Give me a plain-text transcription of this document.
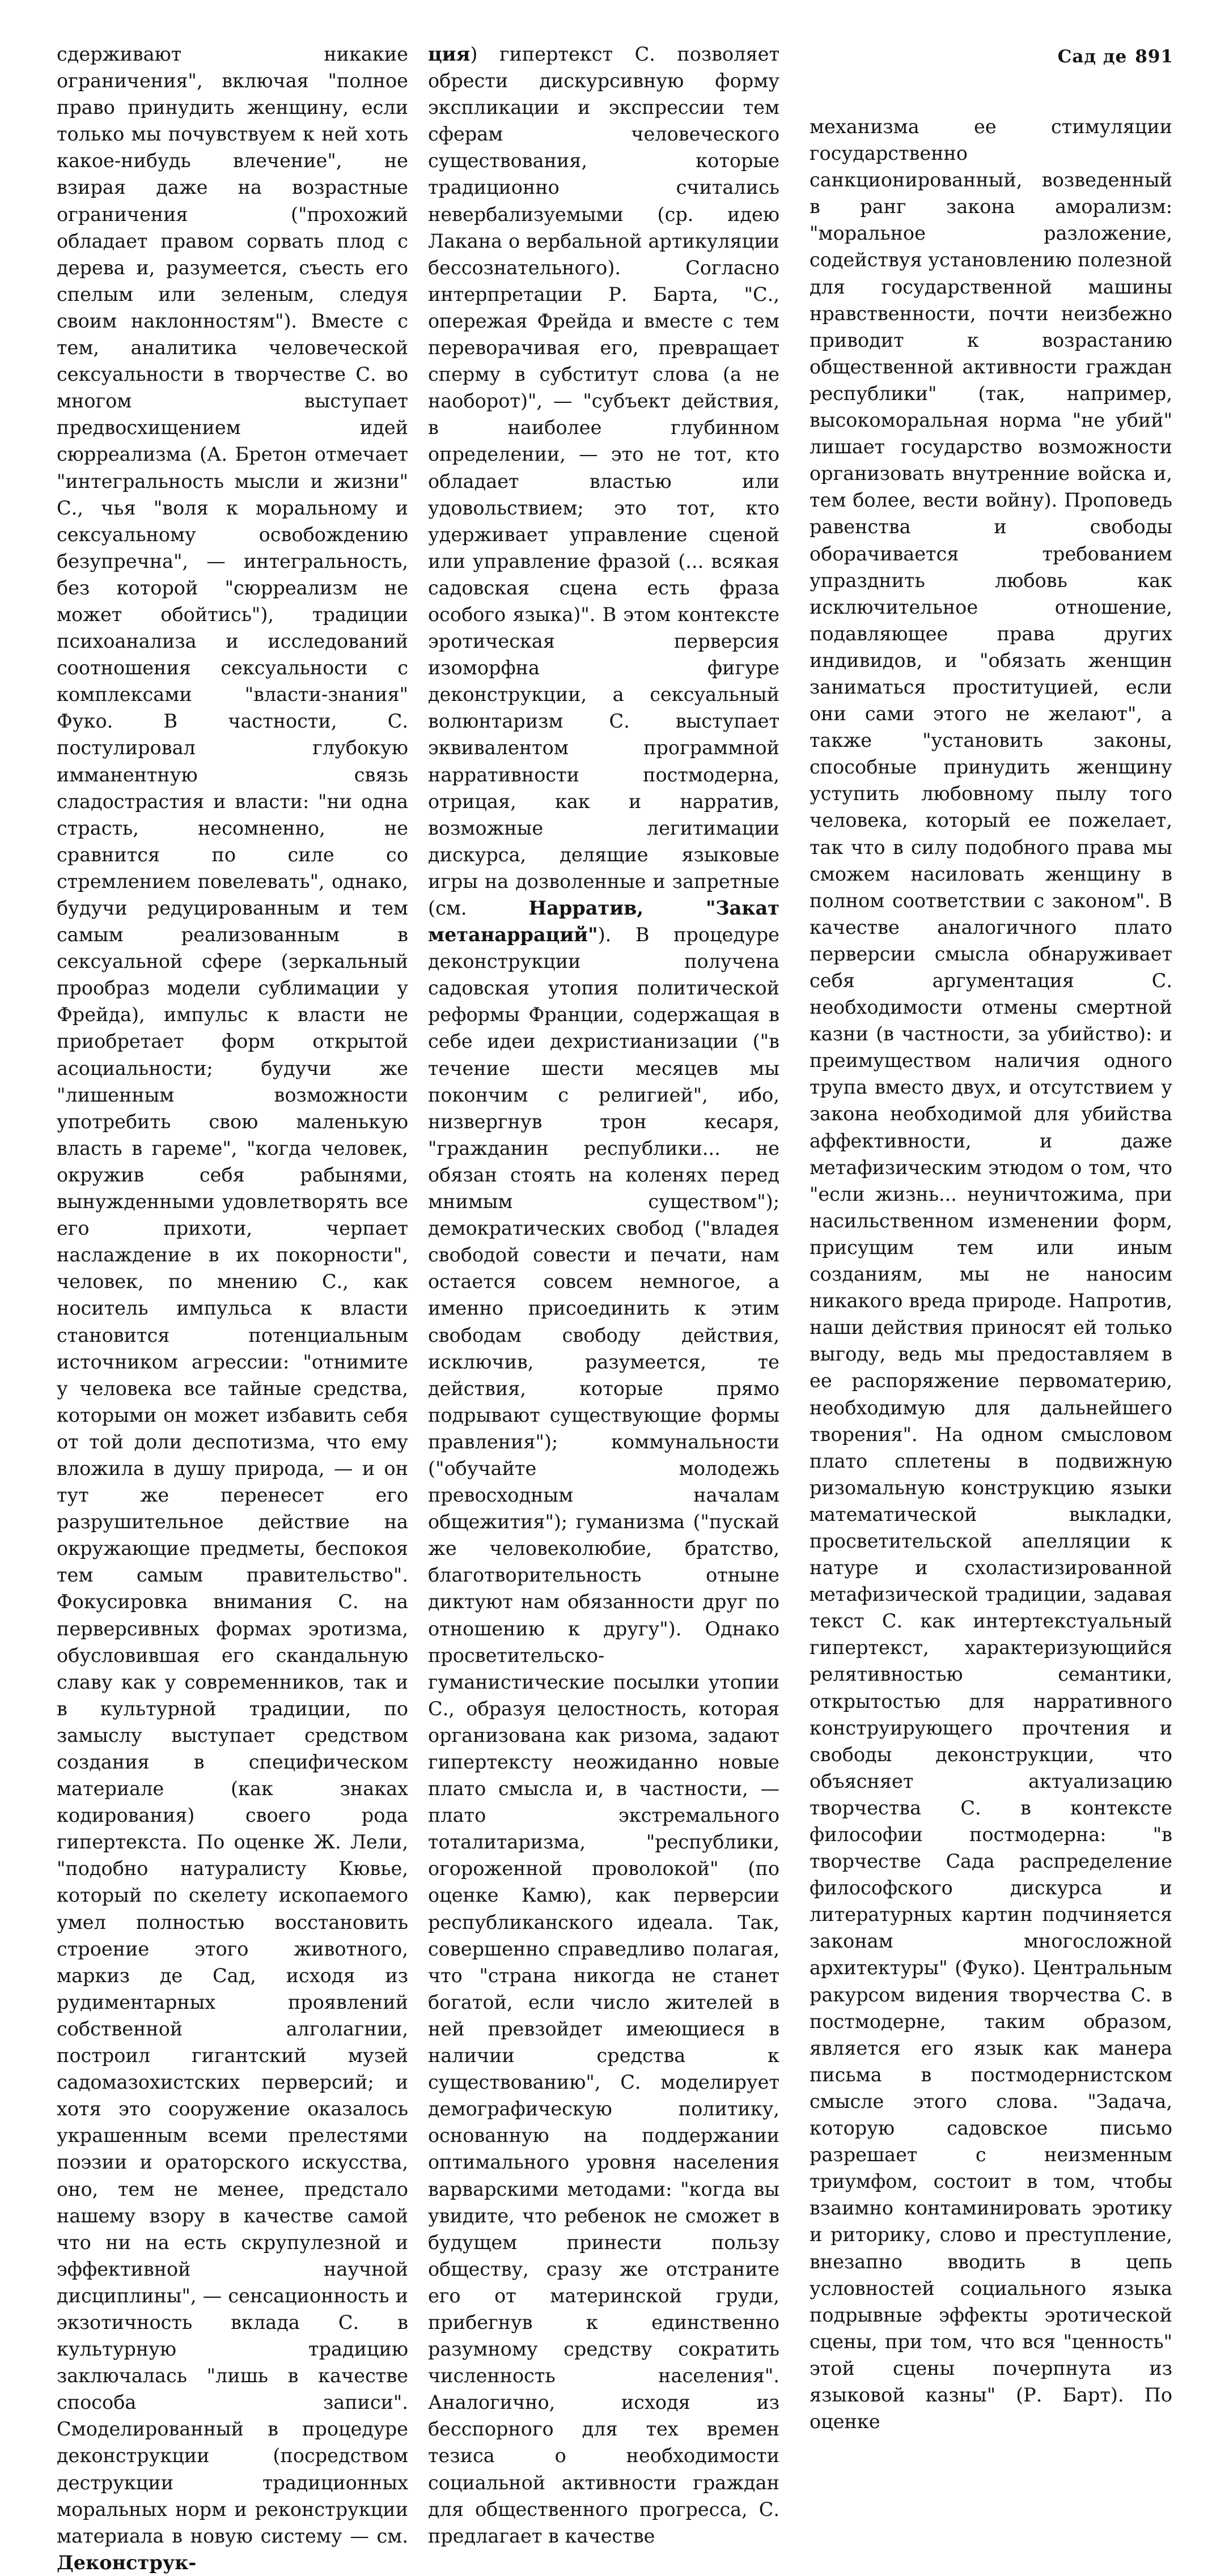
Сад де 891

сдерживают никакие ограничения", включая "полное право принудить женщину, если только мы почувствуем к ней хоть какое-нибудь влечение", не взирая даже на возрастные ограничения ("прохожий обладает правом сорвать плод с дерева и, разумеется, съесть его спелым или зеленым, следуя своим наклонностям"). Вместе с тем, аналитика человеческой сексуальности в творчестве С. во многом выступает предвосхищением идей сюрреализма (А. Бретон отмечает "интегральность мысли и жизни" С., чья "воля к моральному и сексуальному освобождению безупречна", — интегральность, без которой "сюрреализм не может обойтись"), традиции психоанализа и исследований соотношения сексуальности с комплексами "власти-знания" Фуко. В частности, С. постулировал глубокую имманентную связь сладострастия и власти: "ни одна страсть, несомненно, не сравнится по силе со стремлением повелевать", однако, будучи редуцированным и тем самым реализованным в сексуальной сфере (зеркальный прообраз модели сублимации у Фрейда), импульс к власти не приобретает форм открытой асоциальности; будучи же "лишенным возможности употребить свою маленькую власть в гареме", "когда человек, окружив себя рабынями, вынужденными удовлетворять все его прихоти, черпает наслаждение в их покорности", человек, по мнению С., как носитель импульса к власти становится потенциальным источником агрессии: "отнимите у человека все тайные средства, которыми он может избавить себя от той доли деспотизма, что ему вложила в душу природа, — и он тут же перенесет его разрушительное действие на окружающие предметы, беспокоя тем самым правительство". Фокусировка внимания С. на перверсивных формах эротизма, обусловившая его скандальную славу как у современников, так и в культурной традиции, по замыслу выступает средством создания в специфическом материале (как знаках кодирования) своего рода гипертекста. По оценке Ж. Лели, "подобно натуралисту Кювье, который по скелету ископаемого умел полностью восстановить строение этого животного, маркиз де Сад, исходя из рудиментарных проявлений собственной алголагнии, построил гигантский музей садомазохистских перверсий; и хотя это сооружение оказалось украшенным всеми прелестями поэзии и ораторского искусства, оно, тем не менее, предстало нашему взору в качестве самой что ни на есть скрупулезной и эффективной научной дисциплины", — сенсационность и экзотичность вклада С. в культурную традицию заключалась "лишь в качестве способа записи". Смоделированный в процедуре деконструкции (посредством деструкции традиционных моральных норм и реконструкции материала в новую систему — см. Деконструк-

ция) гипертекст С. позволяет обрести дискурсивную форму экспликации и экспрессии тем сферам человеческого существования, которые традиционно считались невербализуемыми (ср. идею Лакана о вербальной артикуляции бессознательного). Согласно интерпретации Р. Барта, "С., опережая Фрейда и вместе с тем переворачивая его, превращает сперму в субститут слова (а не наоборот)", — "субъект действия, в наиболее глубинном определении, — это не тот, кто обладает властью или удовольствием; это тот, кто удерживает управление сценой или управление фразой (... всякая садовская сцена есть фраза особого языка)". В этом контексте эротическая перверсия изоморфна фигуре деконструкции, а сексуальный волюнтаризм С. выступает эквивалентом программной нарративности постмодерна, отрицая, как и нарратив, возможные легитимации дискурса, делящие языковые игры на дозволенные и запретные (см. Нарратив, "Закат метанарраций"). В процедуре деконструкции получена садовская утопия политической реформы Франции, содержащая в себе идеи дехристианизации ("в течение шести месяцев мы покончим с религией", ибо, низвергнув трон кесаря, "гражданин республики... не обязан стоять на коленях перед мнимым существом"); демократических свобод ("владея свободой совести и печати, нам остается совсем немногое, а именно присоединить к этим свободам свободу действия, исключив, разумеется, те действия, которые прямо подрывают существующие формы правления"); коммунальности ("обучайте молодежь превосходным началам общежития"); гуманизма ("пускай же человеколюбие, братство, благотворительность отныне диктуют нам обязанности друг по отношению к другу"). Однако просветительско-гуманистические посылки утопии С., образуя целостность, которая организована как ризома, задают гипертексту неожиданно новые плато смысла и, в частности, — плато экстремального тоталитаризма, "республики, огороженной проволокой" (по оценке Камю), как перверсии республиканского идеала. Так, совершенно справедливо полагая, что "страна никогда не станет богатой, если число жителей в ней превзойдет имеющиеся в наличии средства к существованию", С. моделирует демографическую политику, основанную на поддержании оптимального уровня населения варварскими методами: "когда вы увидите, что ребенок не сможет в будущем принести пользу обществу, сразу же отстраните его от материнской груди, прибегнув к единственно разумному средству сократить численность населения". Аналогично, исходя из бесспорного для тех времен тезиса о необходимости социальной активности граждан для общественного прогресса, С. предлагает в качестве

механизма ее стимуляции государственно санкционированный, возведенный в ранг закона аморализм: "моральное разложение, содействуя установлению полезной для государственной машины нравственности, почти неизбежно приводит к возрастанию общественной активности граждан республики" (так, например, высокоморальная норма "не убий" лишает государство возможности организовать внутренние войска и, тем более, вести войну). Проповедь равенства и свободы оборачивается требованием упразднить любовь как исключительное отношение, подавляющее права других индивидов, и "обязать женщин заниматься проституцией, если они сами этого не желают", а также "установить законы, способные принудить женщину уступить любовному пылу того человека, который ее пожелает, так что в силу подобного права мы сможем насиловать женщину в полном соответствии с законом". В качестве аналогичного плато перверсии смысла обнаруживает себя аргументация С. необходимости отмены смертной казни (в частности, за убийство): и преимуществом наличия одного трупа вместо двух, и отсутствием у закона необходимой для убийства аффективности, и даже метафизическим этюдом о том, что "если жизнь... неуничтожима, при насильственном изменении форм, присущим тем или иным созданиям, мы не наносим никакого вреда природе. Напротив, наши действия приносят ей только выгоду, ведь мы предоставляем в ее распоряжение первоматерию, необходимую для дальнейшего творения". На одном смысловом плато сплетены в подвижную ризомальную конструкцию языки математической выкладки, просветительской апелляции к натуре и схоластизированной метафизической традиции, задавая текст С. как интертекстуальный гипертекст, характеризующийся релятивностью семантики, открытостью для нарративного конструирующего прочтения и свободы деконструкции, что объясняет актуализацию творчества С. в контексте философии постмодерна: "в творчестве Сада распределение философского дискурса и литературных картин подчиняется законам многосложной архитектуры" (Фуко). Центральным ракурсом видения творчества С. в постмодерне, таким образом, является его язык как манера письма в постмодернистском смысле этого слова. "Задача, которую садовское письмо разрешает с неизменным триумфом, состоит в том, чтобы взаимно контаминировать эротику и риторику, слово и преступление, внезапно вводить в цепь условностей социального языка подрывные эффекты эротической сцены, при том, что вся "ценность" этой сцены почерпнута из языковой казны" (Р. Барт). По оценке
